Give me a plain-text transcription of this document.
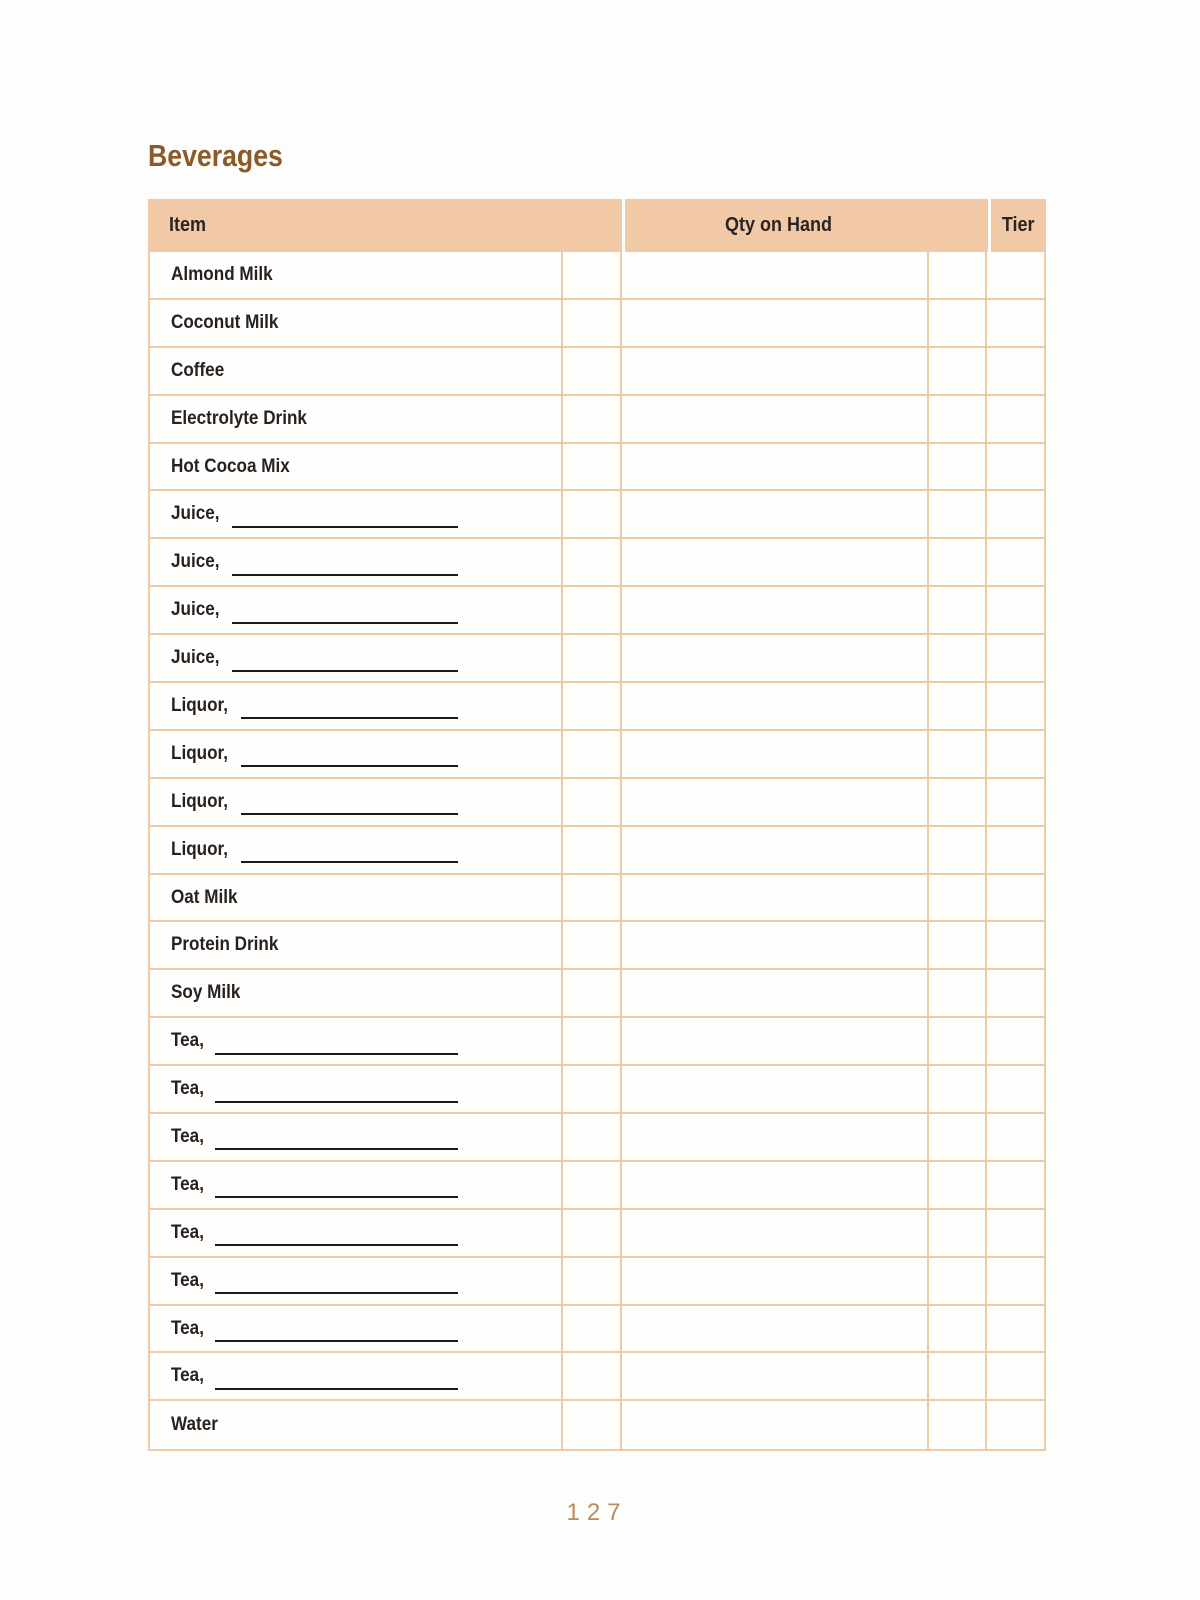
Beverages
Item	Qty on Hand	Tier
Almond Milk
Coconut Milk
Coffee
Electrolyte Drink
Hot Cocoa Mix
Juice,
Juice,
Juice,
Juice,
Liquor,
Liquor,
Liquor,
Liquor,
Oat Milk
Protein Drink
Soy Milk
Tea,
Tea,
Tea,
Tea,
Tea,
Tea,
Tea,
Tea,
Water
127
